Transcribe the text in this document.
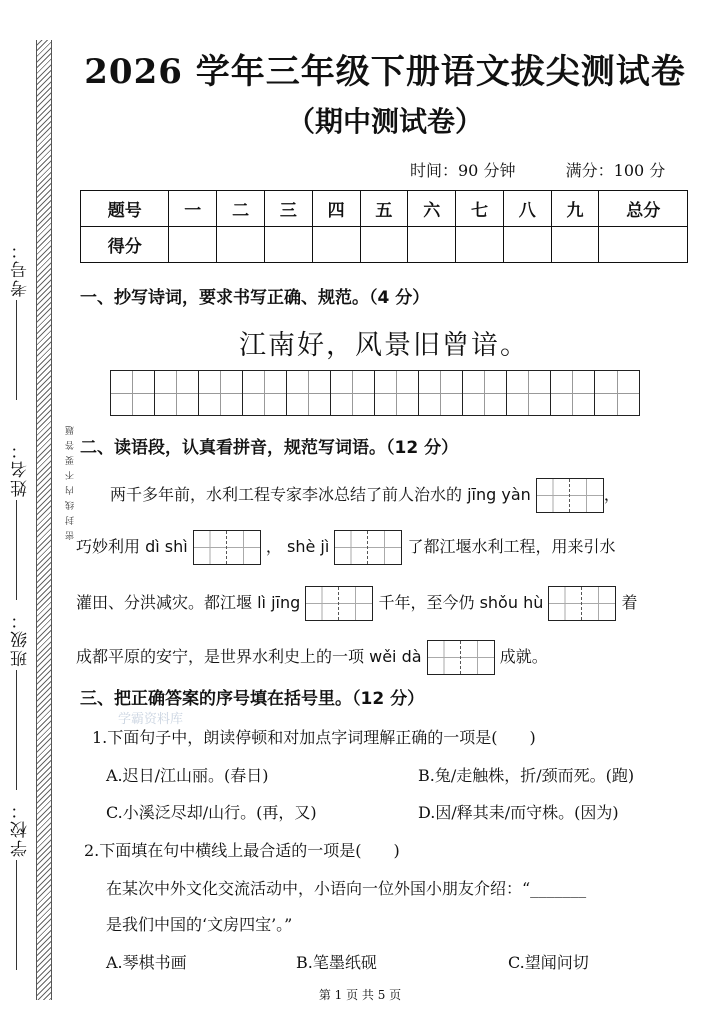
考号：
姓名：
班级：
学校：
密封线内不要答题
2026 学年三年级下册语文拔尖测试卷
（期中测试卷）
时间：90 分钟	满分：100 分
题号	一	二	三	四	五	六	七	八	九	总分
得分										
一、抄写诗词，要求书写正确、规范。（4 分）
江南好，风景旧曾谙。
二、读语段，认真看拼音，规范写词语。（12 分）
两千多年前，水利工程专家李冰总结了前人治水的 jīng yàn	，
巧妙利用 dì shì	， shè jì	了都江堰水利工程，用来引水
灌田、分洪减灾。都江堰 lì jīng	千年，至今仍 shǒu hù	着
成都平原的安宁，是世界水利史上的一项 wěi dà	成就。
三、把正确答案的序号填在括号里。（12 分）
学霸资料库
1.下面句子中，朗读停顿和对加点字词理解正确的一项是(　　)
A.迟日/江山丽。(春日)	B.兔/走触株，折/颈而死。(跑)
C.小溪泛尽却/山行。(再，又)	D.因/释其耒/而守株。(因为)
2.下面填在句中横线上最合适的一项是(　　)
在某次中外文化交流活动中，小语向一位外国小朋友介绍：“_______
是我们中国的‘文房四宝’。”
A.琴棋书画	B.笔墨纸砚	C.望闻问切
第 1 页 共 5 页
